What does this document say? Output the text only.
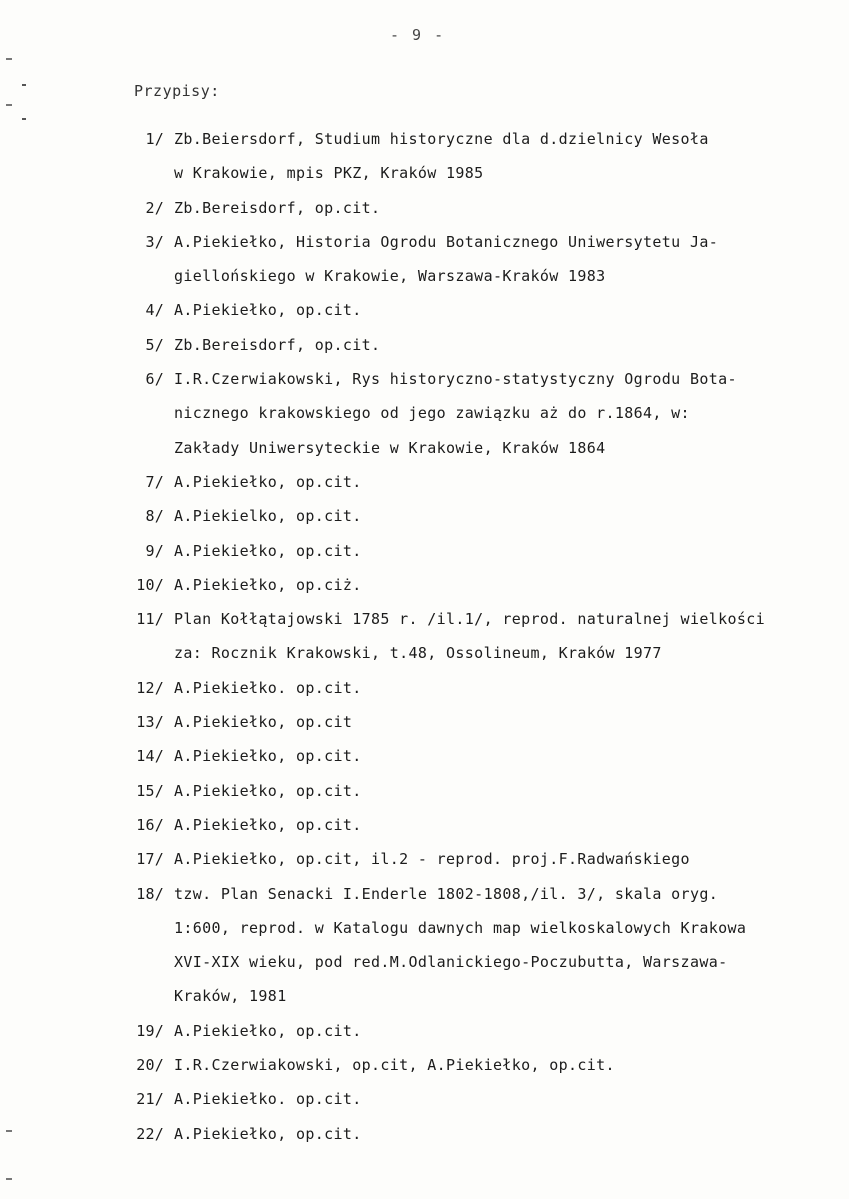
- 9 -
Przypisy:
1/ Zb.Beiersdorf, Studium historyczne dla d.dzielnicy Wesoła
w Krakowie, mpis PKZ, Kraków 1985
2/ Zb.Bereisdorf, op.cit.
3/ A.Piekiełko, Historia Ogrodu Botanicznego Uniwersytetu Ja-
giellońskiego w Krakowie, Warszawa-Kraków 1983
4/ A.Piekiełko, op.cit.
5/ Zb.Bereisdorf, op.cit.
6/ I.R.Czerwiakowski, Rys historyczno-statystyczny Ogrodu Bota-
nicznego krakowskiego od jego zawiązku aż do r.1864, w:
Zakłady Uniwersyteckie w Krakowie, Kraków 1864
7/ A.Piekiełko, op.cit.
8/ A.Piekielko, op.cit.
9/ A.Piekiełko, op.cit.
10/ A.Piekiełko, op.ciż.
11/ Plan Kołłątajowski 1785 r. /il.1/, reprod. naturalnej wielkości
za: Rocznik Krakowski, t.48, Ossolineum, Kraków 1977
12/ A.Piekiełko. op.cit.
13/ A.Piekiełko, op.cit
14/ A.Piekiełko, op.cit.
15/ A.Piekiełko, op.cit.
16/ A.Piekiełko, op.cit.
17/ A.Piekiełko, op.cit, il.2 - reprod. proj.F.Radwańskiego
18/ tzw. Plan Senacki I.Enderle 1802-1808,/il. 3/, skala oryg.
1:600, reprod. w Katalogu dawnych map wielkoskalowych Krakowa
XVI-XIX wieku, pod red.M.Odlanickiego-Poczubutta, Warszawa-
Kraków, 1981
19/ A.Piekiełko, op.cit.
20/ I.R.Czerwiakowski, op.cit, A.Piekiełko, op.cit.
21/ A.Piekiełko. op.cit.
22/ A.Piekiełko, op.cit.
